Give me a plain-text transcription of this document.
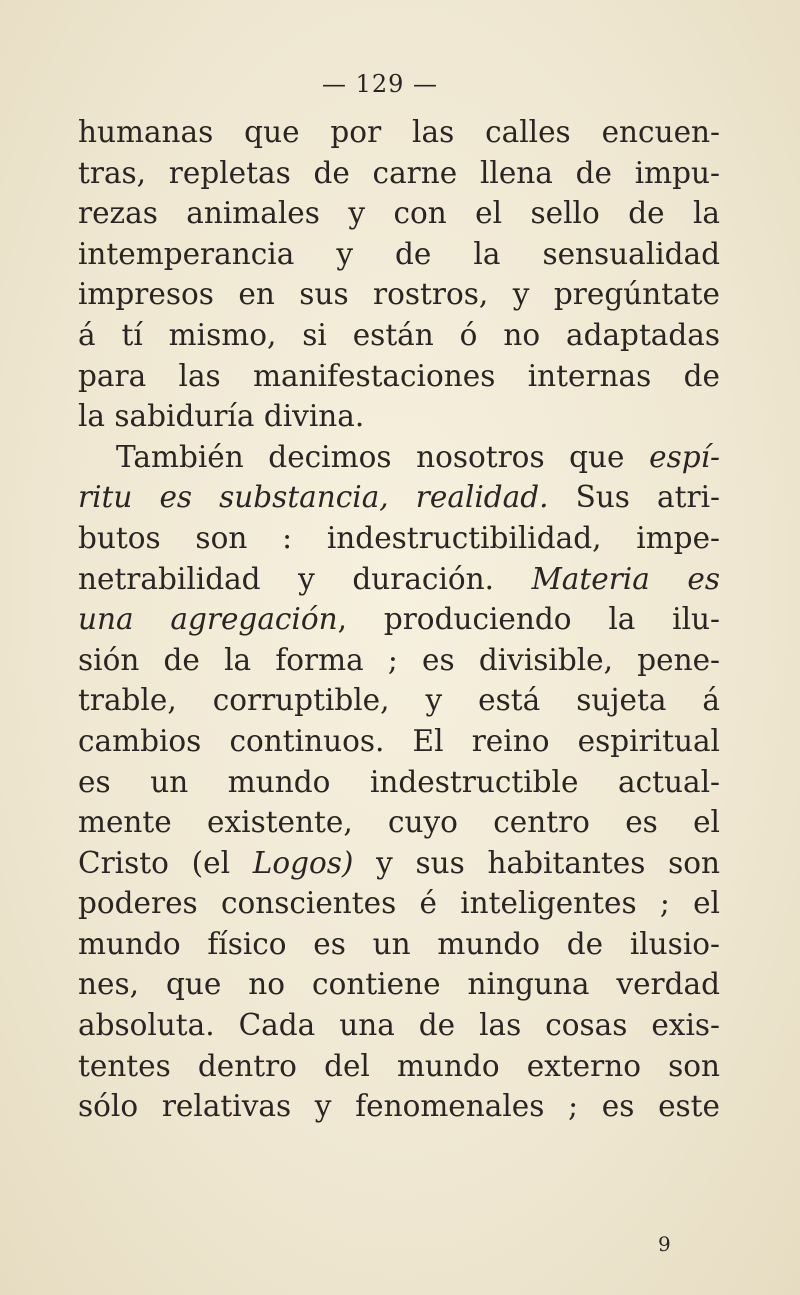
— 129 —
humanas que por las calles encuen-
tras, repletas de carne llena de impu-
rezas animales y con el sello de la
intemperancia y de la sensualidad
impresos en sus rostros, y pregúntate
á tí mismo, si están ó no adaptadas
para las manifestaciones internas de
la sabiduría divina.
También decimos nosotros que espí-
ritu es substancia, realidad. Sus atri-
butos son : indestructibilidad, impe-
netrabilidad y duración. Materia es
una agregación, produciendo la ilu-
sión de la forma ; es divisible, pene-
trable, corruptible, y está sujeta á
cambios continuos. El reino espiritual
es un mundo indestructible actual-
mente existente, cuyo centro es el
Cristo (el Logos) y sus habitantes son
poderes conscientes é inteligentes ; el
mundo físico es un mundo de ilusio-
nes, que no contiene ninguna verdad
absoluta. Cada una de las cosas exis-
tentes dentro del mundo externo son
sólo relativas y fenomenales ; es este
9
